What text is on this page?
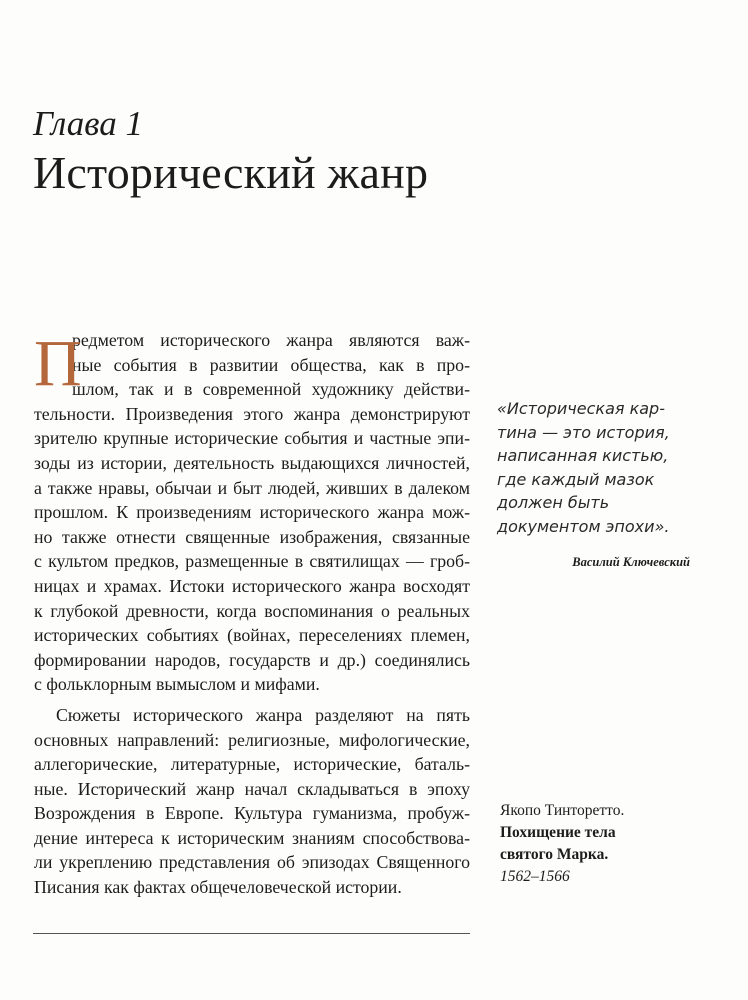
Глава 1
Исторический жанр
П
редметом исторического жанра являются важ-
ные события в развитии общества, как в про-
шлом, так и в современной художнику действи-
тельности. Произведения этого жанра демонстрируют
зрителю крупные исторические события и частные эпи-
зоды из истории, деятельность выдающихся личностей,
а также нравы, обычаи и быт людей, живших в далеком
прошлом. К произведениям исторического жанра мож-
но также отнести священные изображения, связанные
с культом предков, размещенные в святилищах — гроб-
ницах и храмах. Истоки исторического жанра восходят
к глубокой древности, когда воспоминания о реальных
исторических событиях (войнах, переселениях племен,
формировании народов, государств и др.) соединялись
с фольклорным вымыслом и мифами.
Сюжеты исторического жанра разделяют на пять
основных направлений: религиозные, мифологические,
аллегорические, литературные, исторические, баталь-
ные. Исторический жанр начал складываться в эпоху
Возрождения в Европе. Культура гуманизма, пробуж-
дение интереса к историческим знаниям способствова-
ли укреплению представления об эпизодах Священного
Писания как фактах общечеловеческой истории.
«Историческая кар-
тина — это история,
написанная кистью,
где каждый мазок
должен быть
документом эпохи».
Василий Ключевский
Якопо Тинторетто.
Похищение тела
святого Марка.
1562–1566
